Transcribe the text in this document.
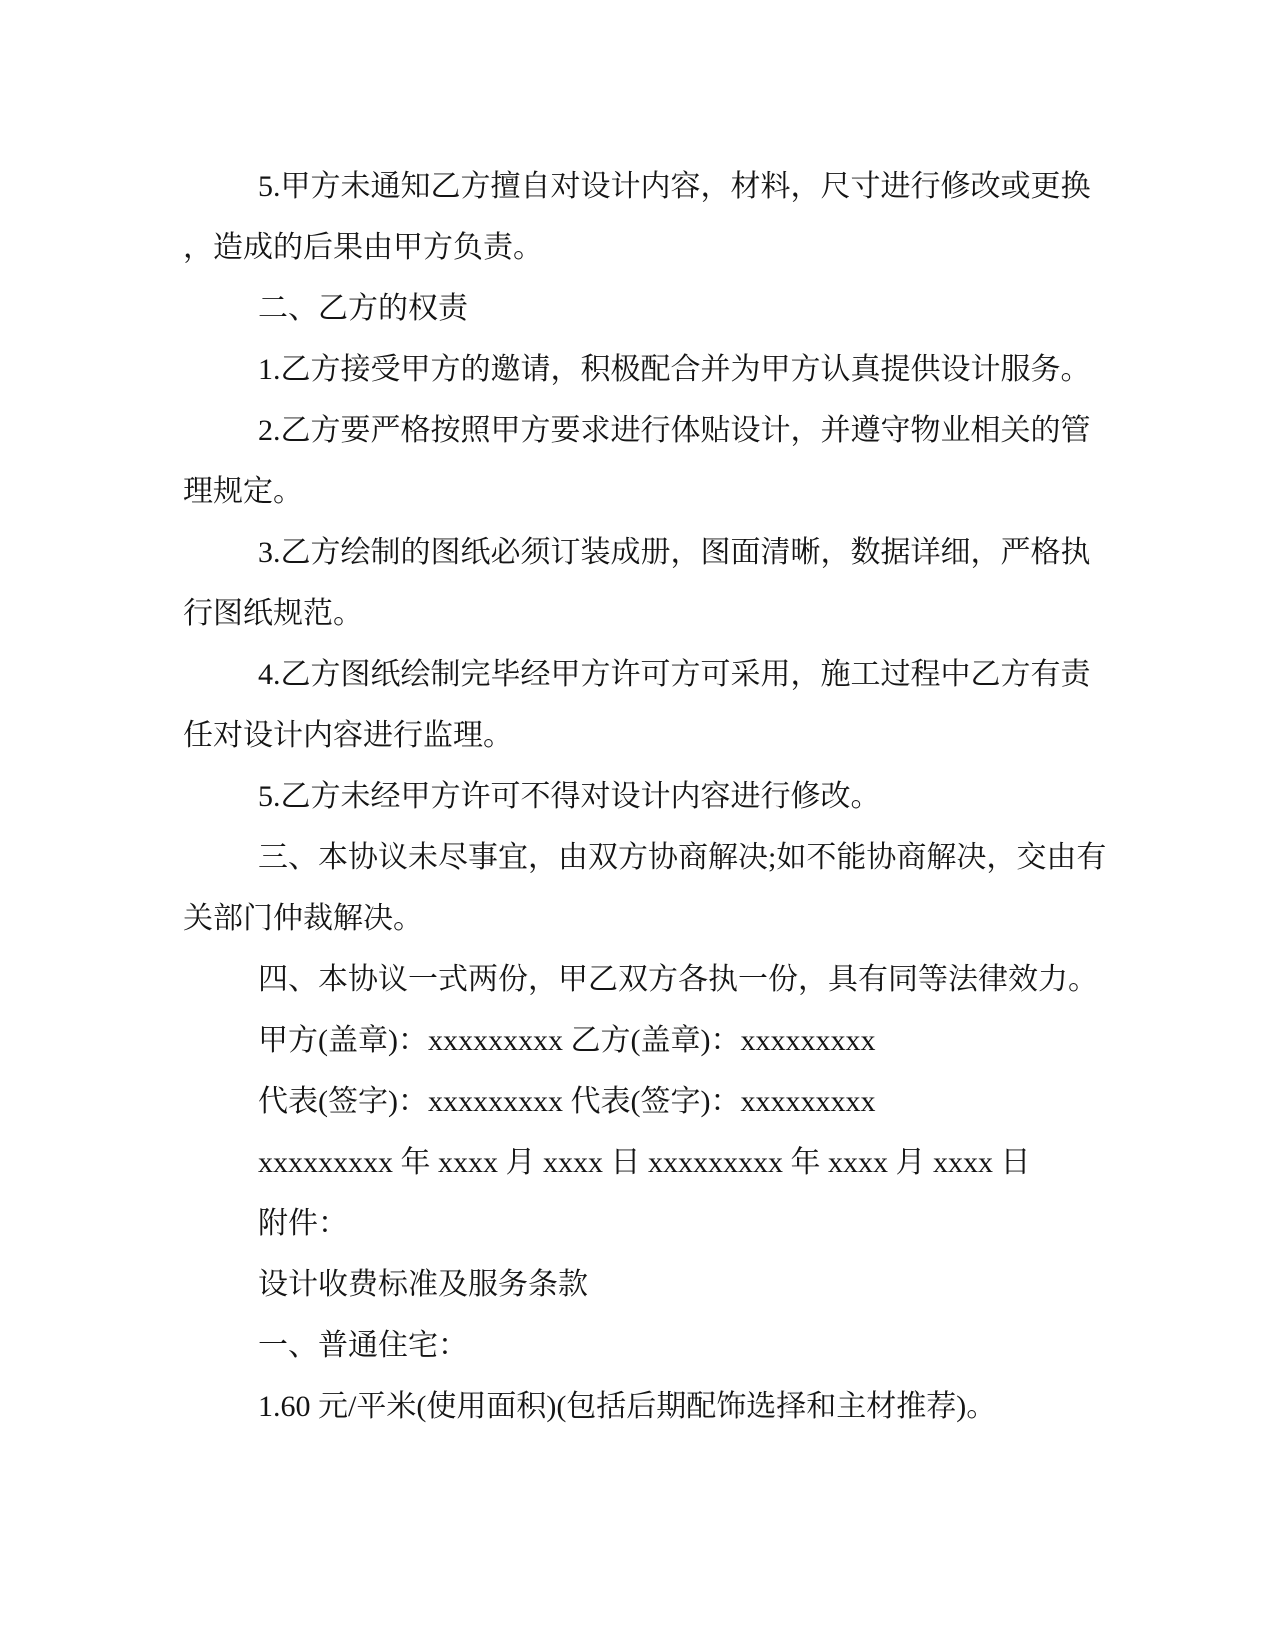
5.甲方未通知乙方擅自对设计内容，材料，尺寸进行修改或更换
，造成的后果由甲方负责。
二、乙方的权责
1.乙方接受甲方的邀请，积极配合并为甲方认真提供设计服务。
2.乙方要严格按照甲方要求进行体贴设计，并遵守物业相关的管
理规定。
3.乙方绘制的图纸必须订装成册，图面清晰，数据详细，严格执
行图纸规范。
4.乙方图纸绘制完毕经甲方许可方可采用，施工过程中乙方有责
任对设计内容进行监理。
5.乙方未经甲方许可不得对设计内容进行修改。
三、本协议未尽事宜，由双方协商解决;如不能协商解决，交由有
关部门仲裁解决。
四、本协议一式两份，甲乙双方各执一份，具有同等法律效力。
甲方(盖章)：xxxxxxxxx 乙方(盖章)：xxxxxxxxx
代表(签字)：xxxxxxxxx 代表(签字)：xxxxxxxxx
xxxxxxxxx 年 xxxx 月 xxxx 日 xxxxxxxxx 年 xxxx 月 xxxx 日
附件：
设计收费标准及服务条款
一、普通住宅：
1.60 元/平米(使用面积)(包括后期配饰选择和主材推荐)。
